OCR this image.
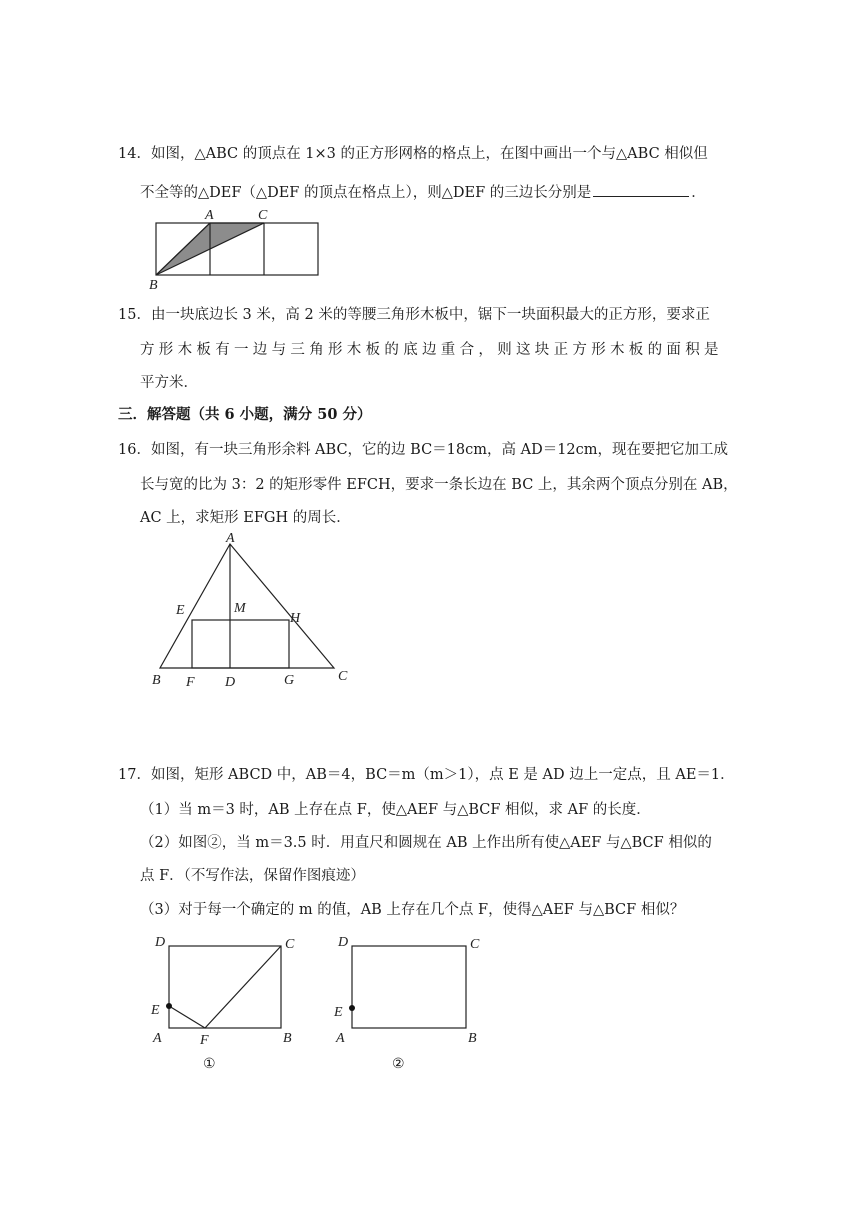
14．如图，△ABC 的顶点在 1×3 的正方形网格的格点上，在图中画出一个与△ABC 相似但
不全等的△DEF（△DEF 的顶点在格点上），则△DEF 的三边长分别是	．
A	C
B
15．由一块底边长 3 米，高 2 米的等腰三角形木板中，锯下一块面积最大的正方形，要求正
方形木板有一边与三角形木板的底边重合，则这块正方形木板的面积是
平方米．
三．解答题（共 6 小题，满分 50 分）
16．如图，有一块三角形余料 ABC，它的边 BC＝18cm，高 AD＝12cm，现在要把它加工成
长与宽的比为 3：2 的矩形零件 EFCH，要求一条长边在 BC 上，其余两个顶点分别在 AB，
AC 上，求矩形 EFGH 的周长．
A
E	M
H
B F D	G	C
17．如图，矩形 ABCD 中，AB＝4，BC＝m（m＞1），点 E 是 AD 边上一定点，且 AE＝1．
（1）当 m＝3 时，AB 上存在点 F，使△AEF 与△BCF 相似，求 AF 的长度．
（2）如图②，当 m＝3.5 时．用直尺和圆规在 AB 上作出所有使△AEF 与△BCF 相似的
点 F．（不写作法，保留作图痕迹）
（3）对于每一个确定的 m 的值，AB 上存在几个点 F，使得△AEF 与△BCF 相似？
D	C
E
A	F	B
①
D	C
E
A	B
②
